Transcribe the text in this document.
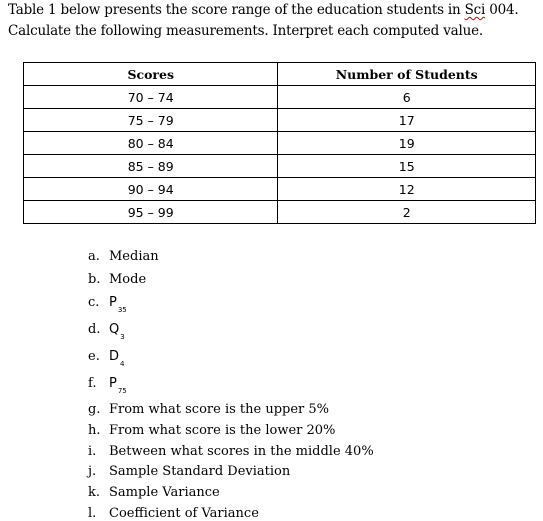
Table 1 below presents the score range of the education students in Sci 004. Calculate the following measurements. Interpret each computed value.
Scores	Number of Students
70 – 74	6
75 – 79	17
80 – 84	19
85 – 89	15
90 – 94	12
95 – 99	2
a. Median
b. Mode
c. $P_{35}$
d. $Q_3$
e. $D_4$
f. $P_{75}$
g. From what score is the upper 5%
h. From what score is the lower 20%
i. Between what scores in the middle 40%
j. Sample Standard Deviation
k. Sample Variance
l. Coefficient of Variance
